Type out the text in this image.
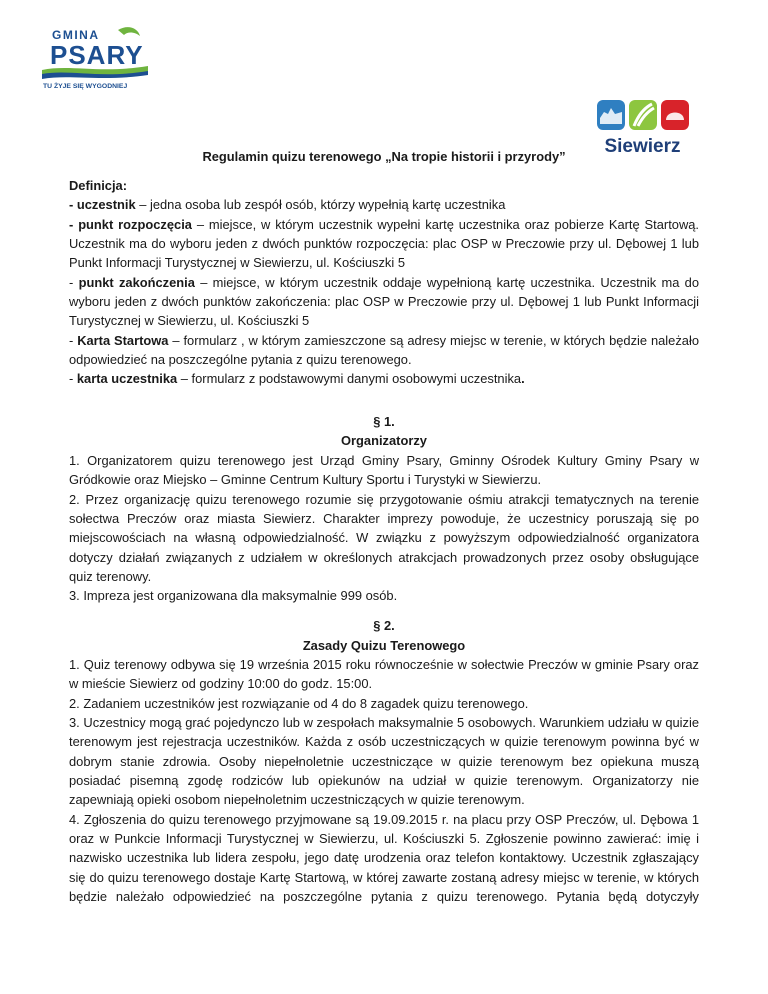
GMINA
PSARY
TU ŻYJE SIĘ WYGODNIEJ
Siewierz
Regulamin quizu terenowego „Na tropie historii i przyrody”

Definicja:

- uczestnik – jedna osoba lub zespół osób, którzy wypełnią kartę uczestnika

- punkt rozpoczęcia – miejsce, w którym uczestnik wypełni kartę uczestnika oraz pobierze Kartę Startową. Uczestnik ma do wyboru jeden z dwóch punktów rozpoczęcia: plac OSP w Preczowie przy ul. Dębowej 1 lub Punkt Informacji Turystycznej w Siewierzu, ul. Kościuszki 5

- punkt zakończenia – miejsce, w którym uczestnik oddaje wypełnioną kartę uczestnika. Uczestnik ma do wyboru jeden z dwóch punktów zakończenia: plac OSP w Preczowie przy ul. Dębowej 1 lub Punkt Informacji Turystycznej w Siewierzu, ul. Kościuszki 5

- Karta Startowa – formularz , w którym zamieszczone są adresy miejsc w terenie, w których będzie należało odpowiedzieć na poszczególne pytania z quizu terenowego.

- karta uczestnika – formularz z podstawowymi danymi osobowymi uczestnika.

§ 1.
Organizatorzy

1. Organizatorem quizu terenowego jest Urząd Gminy Psary, Gminny Ośrodek Kultury Gminy Psary w Gródkowie oraz Miejsko – Gminne Centrum Kultury Sportu i Turystyki w Siewierzu.

2. Przez organizację quizu terenowego rozumie się przygotowanie ośmiu atrakcji tematycznych na terenie sołectwa Preczów oraz miasta Siewierz. Charakter imprezy powoduje, że uczestnicy poruszają się po miejscowościach na własną odpowiedzialność. W związku z powyższym odpowiedzialność organizatora dotyczy działań związanych z udziałem w określonych atrakcjach prowadzonych przez osoby obsługujące quiz terenowy.

3. Impreza jest organizowana dla maksymalnie 999 osób.

§ 2.
Zasady Quizu Terenowego

1. Quiz terenowy odbywa się 19 września 2015 roku równocześnie w sołectwie Preczów w gminie Psary oraz w mieście Siewierz od godziny 10:00 do godz. 15:00.

2. Zadaniem uczestników jest rozwiązanie od 4 do 8 zagadek quizu terenowego.

3. Uczestnicy mogą grać pojedynczo lub w zespołach maksymalnie 5 osobowych. Warunkiem udziału w quizie terenowym jest rejestracja uczestników. Każda z osób uczestniczących w quizie terenowym powinna być w dobrym stanie zdrowia. Osoby niepełnoletnie uczestniczące w quizie terenowym bez opiekuna muszą posiadać pisemną zgodę rodziców lub opiekunów na udział w quizie terenowym. Organizatorzy nie zapewniają opieki osobom niepełnoletnim uczestniczących w quizie terenowym.

4. Zgłoszenia do quizu terenowego przyjmowane są 19.09.2015 r. na placu przy OSP Preczów, ul. Dębowa 1 oraz w Punkcie Informacji Turystycznej w Siewierzu, ul. Kościuszki 5. Zgłoszenie powinno zawierać: imię i nazwisko uczestnika lub lidera zespołu, jego datę urodzenia oraz telefon kontaktowy. Uczestnik zgłaszający się do quizu terenowego dostaje Kartę Startową, w której zawarte zostaną adresy miejsc w terenie, w których będzie należało odpowiedzieć na poszczególne pytania z quizu terenowego. Pytania będą dotyczyły
